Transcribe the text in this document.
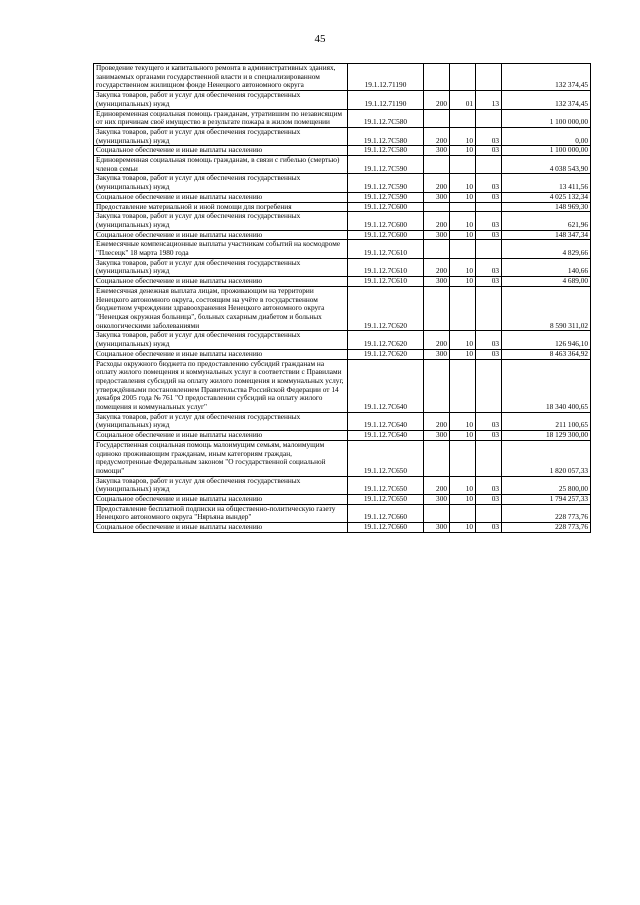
45
Проведение текущего и капитального ремонта в административных зданиях, занимаемых органами государственной власти и в специализированном государственном жилищном фонде Ненецкого автономного округа	19.1.12.71190				132 374,45
Закупка товаров, работ и услуг для обеспечения государственных (муниципальных) нужд	19.1.12.71190	200	01	13	132 374,45
Единовременная социальная помощь гражданам, утратившим по независящим от них причинам своё имущество в результате пожара в жилом помещении	19.1.12.7С580				1 100 000,00
Закупка товаров, работ и услуг для обеспечения государственных (муниципальных) нужд	19.1.12.7С580	200	10	03	0,00
Социальное обеспечение и иные выплаты населению	19.1.12.7С580	300	10	03	1 100 000,00
Единовременная социальная помощь гражданам, в связи с гибелью (смертью) членов семьи	19.1.12.7С590				4 038 543,90
Закупка товаров, работ и услуг для обеспечения государственных (муниципальных) нужд	19.1.12.7С590	200	10	03	13 411,56
Социальное обеспечение и иные выплаты населению	19.1.12.7С590	300	10	03	4 025 132,34
Предоставление материальной и иной помощи для погребения	19.1.12.7С600				148 969,30
Закупка товаров, работ и услуг для обеспечения государственных (муниципальных) нужд	19.1.12.7С600	200	10	03	621,96
Социальное обеспечение и иные выплаты населению	19.1.12.7С600	300	10	03	148 347,34
Ежемесячные компенсационные выплаты участникам событий на космодроме "Плесецк" 18 марта 1980 года	19.1.12.7С610				4 829,66
Закупка товаров, работ и услуг для обеспечения государственных (муниципальных) нужд	19.1.12.7С610	200	10	03	140,66
Социальное обеспечение и иные выплаты населению	19.1.12.7С610	300	10	03	4 689,00
Ежемесячная денежная выплата лицам, проживающим на территории Ненецкого автономного округа, состоящим на учёте в государственном бюджетном учреждении здравоохранения Ненецкого автономного округа "Ненецкая окружная больница", больных сахарным диабетом и больных онкологическими заболеваниями	19.1.12.7С620				8 590 311,02
Закупка товаров, работ и услуг для обеспечения государственных (муниципальных) нужд	19.1.12.7С620	200	10	03	126 946,10
Социальное обеспечение и иные выплаты населению	19.1.12.7С620	300	10	03	8 463 364,92
Расходы окружного бюджета по предоставлению субсидий гражданам на оплату жилого помещения и коммунальных услуг в соответствии с Правилами предоставления субсидий на оплату жилого помещения и коммунальных услуг, утверждёнными постановлением Правительства Российской Федерации от 14 декабря 2005 года № 761 "О предоставлении субсидий на оплату жилого помещения и коммунальных услуг"	19.1.12.7С640				18 340 400,65
Закупка товаров, работ и услуг для обеспечения государственных (муниципальных) нужд	19.1.12.7С640	200	10	03	211 100,65
Социальное обеспечение и иные выплаты населению	19.1.12.7С640	300	10	03	18 129 300,00
Государственная социальная помощь малоимущим семьям, малоимущим одиноко проживающим гражданам, иным категориям граждан, предусмотренные Федеральным законом "О государственной социальной помощи"	19.1.12.7С650				1 820 057,33
Закупка товаров, работ и услуг для обеспечения государственных (муниципальных) нужд	19.1.12.7С650	200	10	03	25 800,00
Социальное обеспечение и иные выплаты населению	19.1.12.7С650	300	10	03	1 794 257,33
Предоставление бесплатной подписки на общественно-политическую газету Ненецкого автономного округа "Няръяна вындер"	19.1.12.7С660				228 773,76
Социальное обеспечение и иные выплаты населению	19.1.12.7С660	300	10	03	228 773,76
